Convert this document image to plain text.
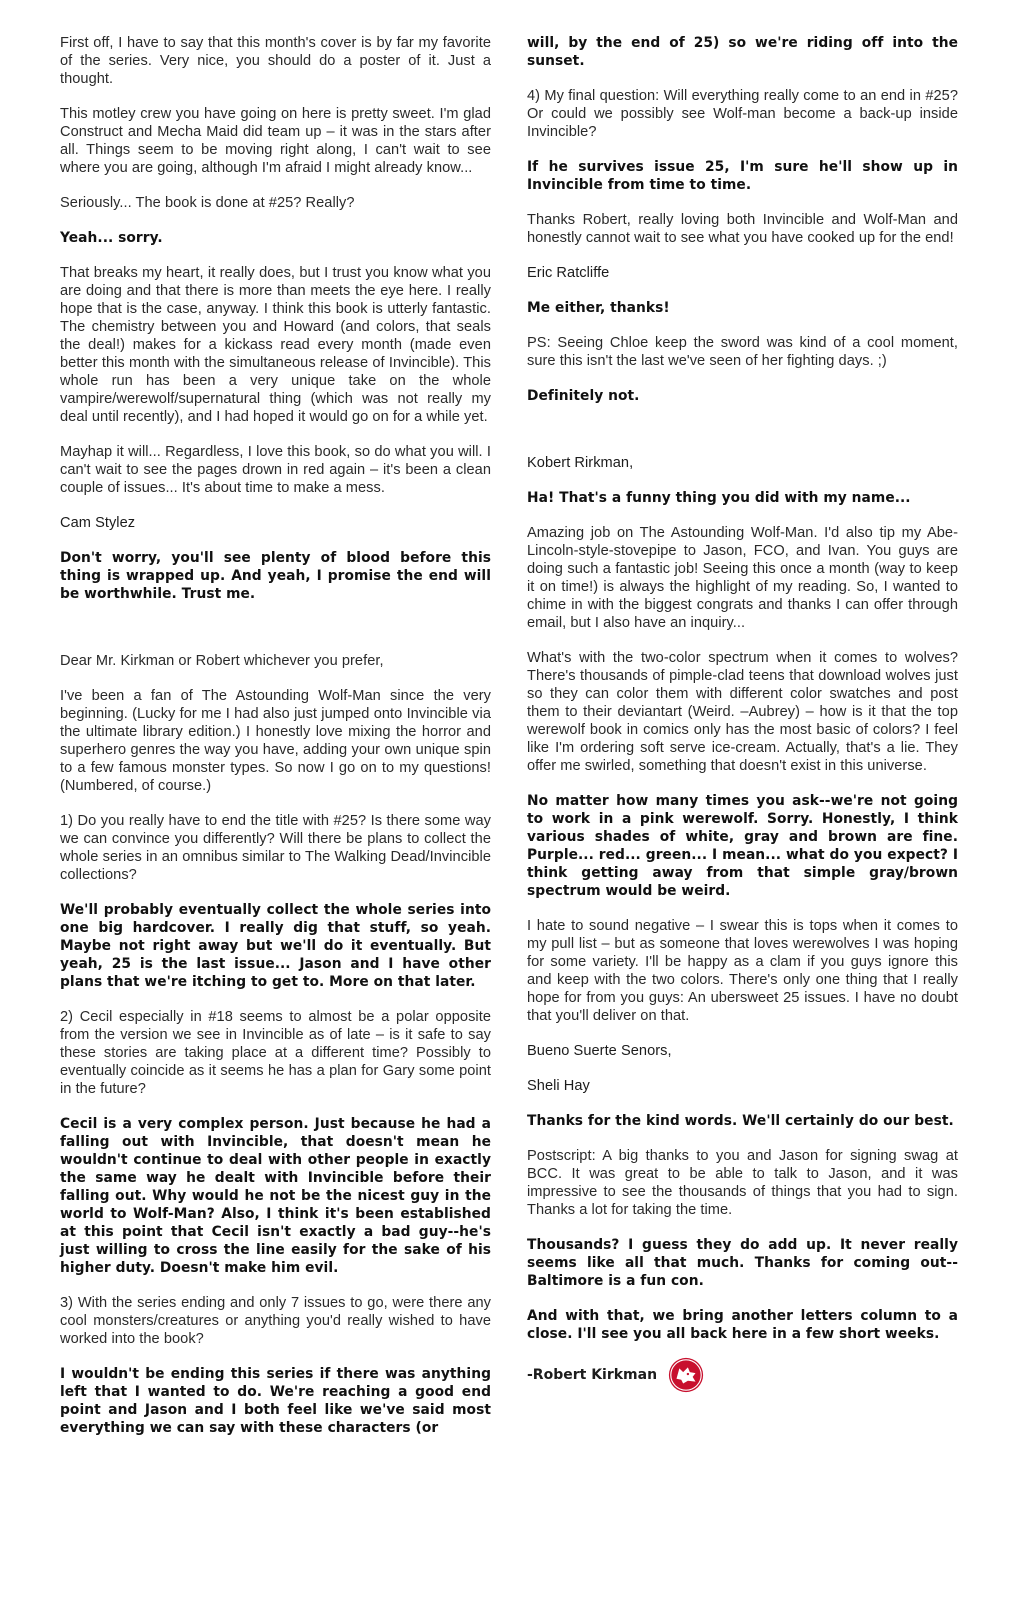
First off, I have to say that this month's cover is by far my favorite of the series. Very nice, you should do a poster of it. Just a thought.

This motley crew you have going on here is pretty sweet. I'm glad Construct and Mecha Maid did team up – it was in the stars after all. Things seem to be moving right along, I can't wait to see where you are going, although I'm afraid I might already know...

Seriously... The book is done at #25? Really?

Yeah... sorry.

That breaks my heart, it really does, but I trust you know what you are doing and that there is more than meets the eye here. I really hope that is the case, anyway. I think this book is utterly fantastic. The chemistry between you and Howard (and colors, that seals the deal!) makes for a kickass read every month (made even better this month with the simultaneous release of Invincible). This whole run has been a very unique take on the whole vampire/werewolf/supernatural thing (which was not really my deal until recently), and I had hoped it would go on for a while yet.

Mayhap it will... Regardless, I love this book, so do what you will. I can't wait to see the pages drown in red again – it's been a clean couple of issues... It's about time to make a mess.

Cam Stylez

Don't worry, you'll see plenty of blood before this thing is wrapped up. And yeah, I promise the end will be worthwhile. Trust me.

________________________________________

Dear Mr. Kirkman or Robert whichever you prefer,

I've been a fan of The Astounding Wolf-Man since the very beginning. (Lucky for me I had also just jumped onto Invincible via the ultimate library edition.) I honestly love mixing the horror and superhero genres the way you have, adding your own unique spin to a few famous monster types. So now I go on to my questions! (Numbered, of course.)

1) Do you really have to end the title with #25? Is there some way we can convince you differently? Will there be plans to collect the whole series in an omnibus similar to The Walking Dead/Invincible collections?

We'll probably eventually collect the whole series into one big hardcover. I really dig that stuff, so yeah. Maybe not right away but we'll do it eventually. But yeah, 25 is the last issue... Jason and I have other plans that we're itching to get to. More on that later.

2) Cecil especially in #18 seems to almost be a polar opposite from the version we see in Invincible as of late – is it safe to say these stories are taking place at a different time? Possibly to eventually coincide as it seems he has a plan for Gary some point in the future?

Cecil is a very complex person. Just because he had a falling out with Invincible, that doesn't mean he wouldn't continue to deal with other people in exactly the same way he dealt with Invincible before their falling out. Why would he not be the nicest guy in the world to Wolf-Man? Also, I think it's been established at this point that Cecil isn't exactly a bad guy--he's just willing to cross the line easily for the sake of his higher duty. Doesn't make him evil.

3) With the series ending and only 7 issues to go, were there any cool monsters/creatures or anything you'd really wished to have worked into the book?

I wouldn't be ending this series if there was anything left that I wanted to do. We're reaching a good end point and Jason and I both feel like we've said most everything we can say with these characters (or

will, by the end of 25) so we're riding off into the sunset.

4) My final question: Will everything really come to an end in #25? Or could we possibly see Wolf-man become a back-up inside Invincible?

If he survives issue 25, I'm sure he'll show up in Invincible from time to time.

Thanks Robert, really loving both Invincible and Wolf-Man and honestly cannot wait to see what you have cooked up for the end!

Eric Ratcliffe

Me either, thanks!

PS: Seeing Chloe keep the sword was kind of a cool moment, sure this isn't the last we've seen of her fighting days. ;)

Definitely not.

________________________________________

Kobert Rirkman,

Ha! That's a funny thing you did with my name...

Amazing job on The Astounding Wolf-Man. I'd also tip my Abe-Lincoln-style-stovepipe to Jason, FCO, and Ivan. You guys are doing such a fantastic job! Seeing this once a month (way to keep it on time!) is always the highlight of my reading. So, I wanted to chime in with the biggest congrats and thanks I can offer through email, but I also have an inquiry...

What's with the two-color spectrum when it comes to wolves? There's thousands of pimple-clad teens that download wolves just so they can color them with different color swatches and post them to their deviantart (Weird. –Aubrey) – how is it that the top werewolf book in comics only has the most basic of colors? I feel like I'm ordering soft serve ice-cream. Actually, that's a lie. They offer me swirled, something that doesn't exist in this universe.

No matter how many times you ask--we're not going to work in a pink werewolf. Sorry. Honestly, I think various shades of white, gray and brown are fine. Purple... red... green... I mean... what do you expect? I think getting away from that simple gray/brown spectrum would be weird.

I hate to sound negative – I swear this is tops when it comes to my pull list – but as someone that loves werewolves I was hoping for some variety. I'll be happy as a clam if you guys ignore this and keep with the two colors. There's only one thing that I really hope for from you guys: An ubersweet 25 issues. I have no doubt that you'll deliver on that.

Bueno Suerte Senors,

Sheli Hay

Thanks for the kind words. We'll certainly do our best.

Postscript: A big thanks to you and Jason for signing swag at BCC. It was great to be able to talk to Jason, and it was impressive to see the thousands of things that you had to sign. Thanks a lot for taking the time.

Thousands? I guess they do add up. It never really seems like all that much. Thanks for coming out--Baltimore is a fun con.

And with that, we bring another letters column to a close. I'll see you all back here in a few short weeks.

-Robert Kirkman
